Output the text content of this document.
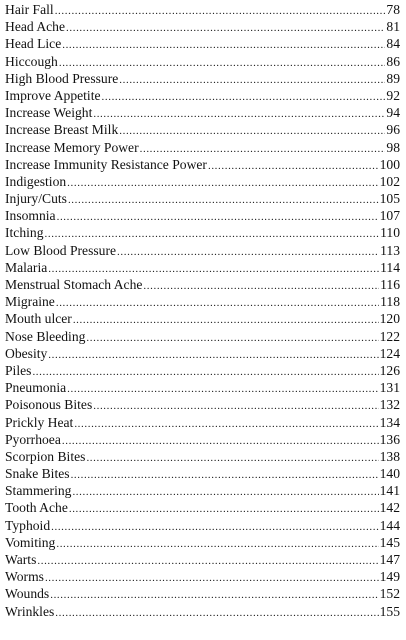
Hair Fall .....	78
Head Ache .....	81
Head Lice .....	84
Hiccough .....	86
High Blood Pressure .....	89
Improve Appetite .....	92
Increase Weight .....	94
Increase Breast Milk .....	96
Increase Memory Power .....	98
Increase Immunity Resistance Power .....	100
Indigestion .....	102
Injury/Cuts .....	105
Insomnia .....	107
Itching .....	110
Low Blood Pressure .....	113
Malaria .....	114
Menstrual Stomach Ache .....	116
Migraine .....	118
Mouth ulcer .....	120
Nose Bleeding .....	122
Obesity .....	124
Piles .....	126
Pneumonia .....	131
Poisonous Bites .....	132
Prickly Heat .....	134
Pyorrhoea .....	136
Scorpion Bites .....	138
Snake Bites .....	140
Stammering .....	141
Tooth Ache .....	142
Typhoid .....	144
Vomiting .....	145
Warts .....	147
Worms .....	149
Wounds .....	152
Wrinkles .....	155
